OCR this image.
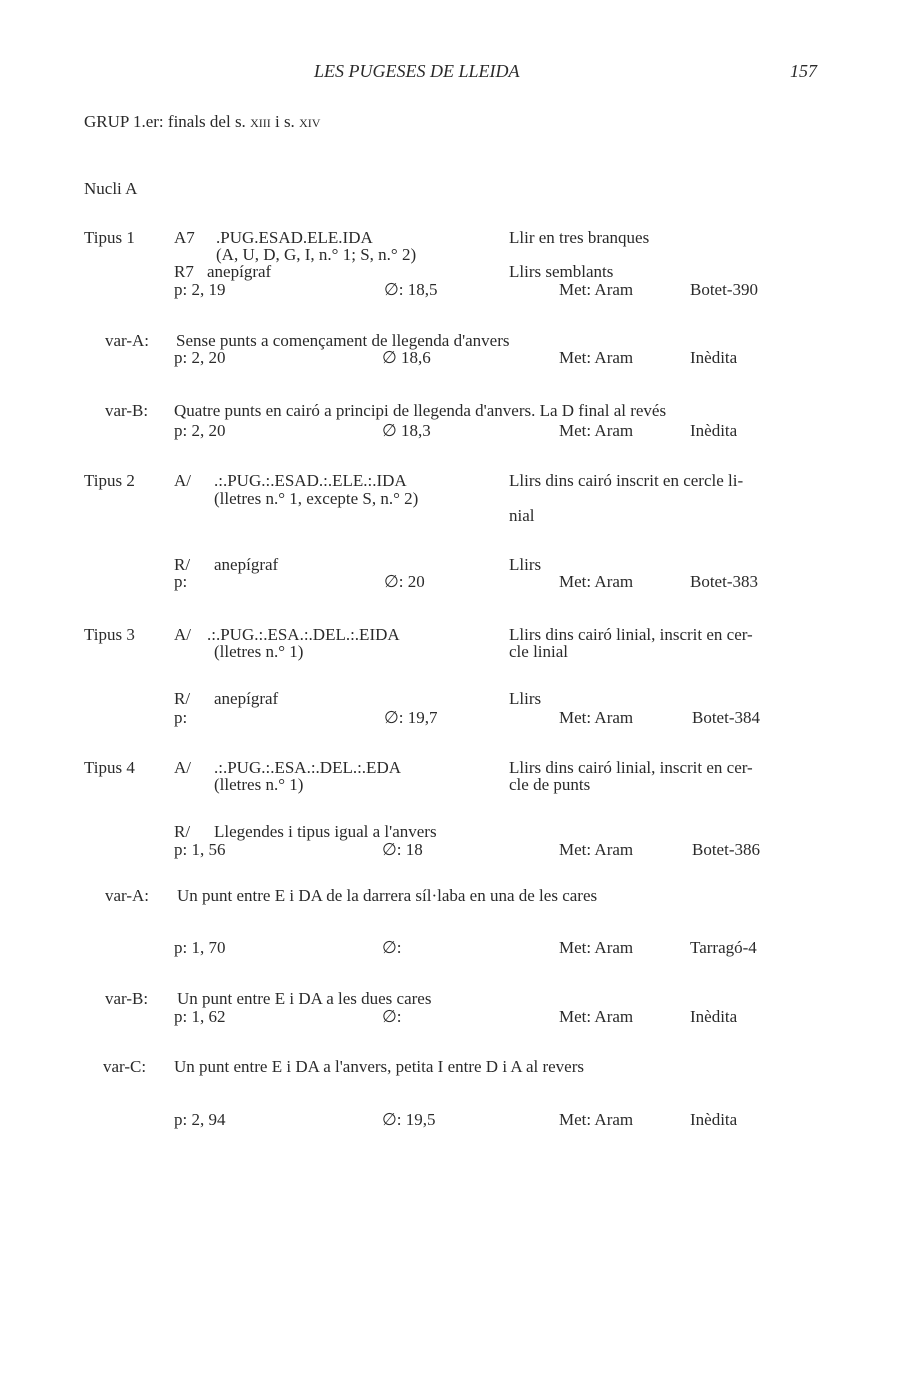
LES PUGESES DE LLEIDA	157
GRUP 1.er: finals del s. xiii i s. xiv
Nucli A
Tipus 1 A7 .PUG.ESAD.ELE.IDA	Llir en tres branques
(A, U, D, G, I, n.° 1; S, n.° 2)
R7 anepígraf	Llirs semblants
p: 2, 19	∅: 18,5	Met: Aram	Botet-390
var-A: Sense punts a començament de llegenda d'anvers
p: 2, 20	∅ 18,6	Met: Aram	Inèdita
var-B: Quatre punts en cairó a principi de llegenda d'anvers. La D final al revés
p: 2, 20	∅ 18,3	Met: Aram	Inèdita
Tipus 2 A/ .:.PUG.:.ESAD.:.ELE.:.IDA	Llirs dins cairó inscrit en cercle li-
(lletres n.° 1, excepte S, n.° 2)
nial
R/ anepígraf	Llirs
p:	∅: 20	Met: Aram	Botet-383
Tipus 3 A/ .:.PUG.:.ESA.:.DEL.:.EIDA	Llirs dins cairó linial, inscrit en cer-
(lletres n.° 1)	cle linial
R/ anepígraf	Llirs
p:	∅: 19,7	Met: Aram	Botet-384
Tipus 4 A/ .:.PUG.:.ESA.:.DEL.:.EDA	Llirs dins cairó linial, inscrit en cer-
(lletres n.° 1)	cle de punts
R/ Llegendes i tipus igual a l'anvers
p: 1, 56	∅: 18	Met: Aram	Botet-386
var-A: Un punt entre E i DA de la darrera síl·laba en una de les cares
p: 1, 70	∅:	Met: Aram	Tarragó-4
var-B: Un punt entre E i DA a les dues cares
p: 1, 62	∅:	Met: Aram	Inèdita
var-C: Un punt entre E i DA a l'anvers, petita I entre D i A al revers
p: 2, 94	∅: 19,5	Met: Aram	Inèdita
